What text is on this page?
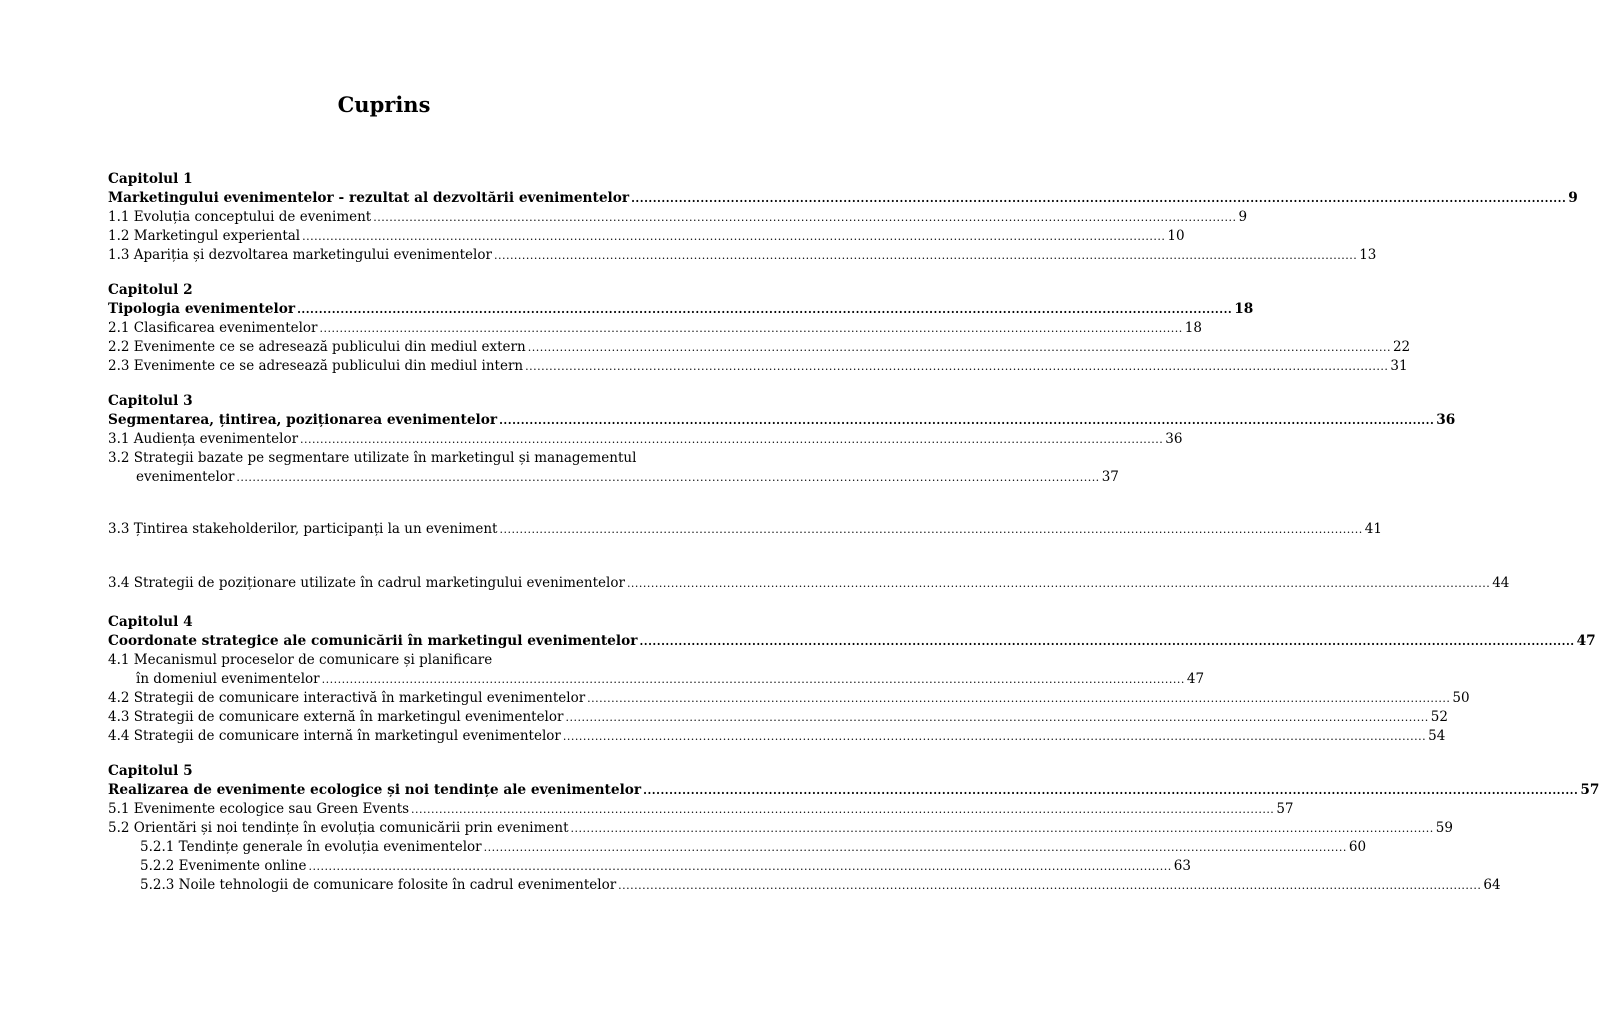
Cuprins
Capitolul 1
Marketingului evenimentelor - rezultat al dezvoltării evenimentelor .....	9
1.1 Evoluția conceptului de eveniment .....	9
1.2 Marketingul experiental .....	10
1.3 Apariția și dezvoltarea marketingului evenimentelor .....	13
Capitolul 2
Tipologia evenimentelor .....	18
2.1 Clasificarea evenimentelor .....	18
2.2 Evenimente ce se adresează publicului din mediul extern .....	22
2.3 Evenimente ce se adresează publicului din mediul intern .....	31
Capitolul 3
Segmentarea, țintirea, poziționarea evenimentelor .....	36
3.1 Audiența evenimentelor .....	36
3.2 Strategii bazate pe segmentare utilizate în marketingul și managementul
evenimentelor .....	37
3.3 Țintirea stakeholderilor, participanți la un eveniment .....	41
3.4 Strategii de poziționare utilizate în cadrul marketingului evenimentelor .....	44
Capitolul 4
Coordonate strategice ale comunicării în marketingul evenimentelor .....	47
4.1 Mecanismul proceselor de comunicare și planificare
în domeniul evenimentelor .....	47
4.2 Strategii de comunicare interactivă în marketingul evenimentelor .....	50
4.3 Strategii de comunicare externă în marketingul evenimentelor .....	52
4.4 Strategii de comunicare internă în marketingul evenimentelor .....	54
Capitolul 5
Realizarea de evenimente ecologice și noi tendințe ale evenimentelor .....	57
5.1 Evenimente ecologice sau Green Events .....	57
5.2 Orientări și noi tendințe în evoluția comunicării prin eveniment .....	59
5.2.1 Tendințe generale în evoluția evenimentelor .....	60
5.2.2 Evenimente online .....	63
5.2.3 Noile tehnologii de comunicare folosite în cadrul evenimentelor .....	64
